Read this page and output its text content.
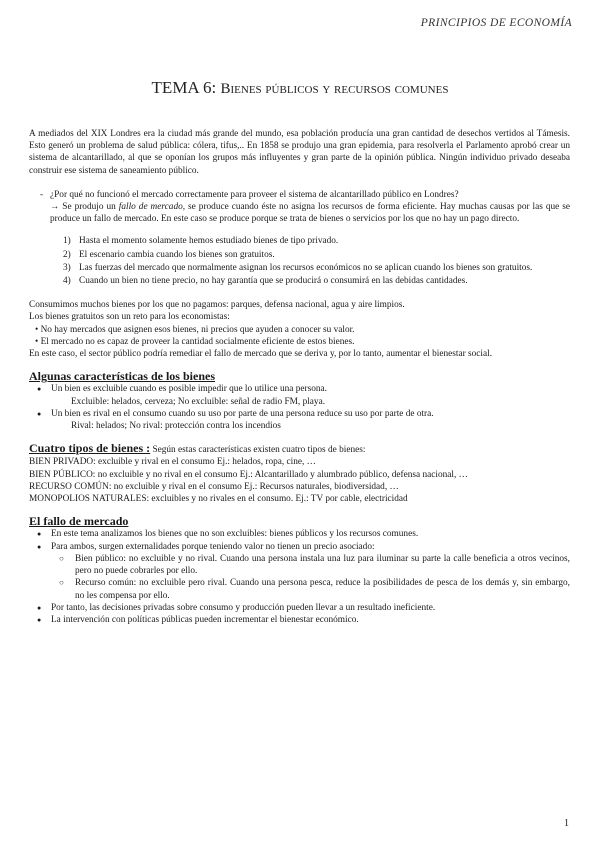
PRINCIPIOS DE ECONOMÍA
TEMA 6: Bienes públicos y recursos comunes

A mediados del XIX Londres era la ciudad más grande del mundo, esa población producía una gran cantidad de desechos vertidos al Támesis. Esto generó un problema de salud pública: cólera, tifus,.. En 1858 se produjo una gran epidemia, para resolverla el Parlamento aprobó crear un sistema de alcantarillado, al que se oponían los grupos más influyentes y gran parte de la opinión pública. Ningún individuo privado deseaba construir ese sistema de saneamiento público.

- ¿Por qué no funcionó el mercado correctamente para proveer el sistema de alcantarillado público en Londres?

→ Se produjo un fallo de mercado, se produce cuando éste no asigna los recursos de forma eficiente. Hay muchas causas por las que se produce un fallo de mercado. En este caso se produce porque se trata de bienes o servicios por los que no hay un pago directo.

1) Hasta el momento solamente hemos estudiado bienes de tipo privado.
2) El escenario cambia cuando los bienes son gratuitos.
3) Las fuerzas del mercado que normalmente asignan los recursos económicos no se aplican cuando los bienes son gratuitos.
4) Cuando un bien no tiene precio, no hay garantía que se producirá o consumirá en las debidas cantidades.

Consumimos muchos bienes por los que no pagamos: parques, defensa nacional, agua y aire limpios.

Los bienes gratuitos son un reto para los economistas:

• No hay mercados que asignen esos bienes, ni precios que ayuden a conocer su valor.

• El mercado no es capaz de proveer la cantidad socialmente eficiente de estos bienes.

En este caso, el sector público podría remediar el fallo de mercado que se deriva y, por lo tanto, aumentar el bienestar social.

Algunas características de los bienes
●	Un bien es excluible cuando es posible impedir que lo utilice una persona.

Excluible: helados, cerveza; No excluible: señal de radio FM, playa.

●	Un bien es rival en el consumo cuando su uso por parte de una persona reduce su uso por parte de otra.

Rival: helados; No rival: protección contra los incendios

Cuatro tipos de bienes : Según estas características existen cuatro tipos de bienes:

BIEN PRIVADO: excluible y rival en el consumo Ej.: helados, ropa, cine, …

BIEN PÚBLICO: no excluible y no rival en el consumo Ej.: Alcantarillado y alumbrado público, defensa nacional, …

RECURSO COMÚN: no excluible y rival en el consumo Ej.: Recursos naturales, biodiversidad, …

MONOPOLIOS NATURALES: excluibles y no rivales en el consumo. Ej.: TV por cable, electricidad

El fallo de mercado
●	En este tema analizamos los bienes que no son excluibles: bienes públicos y los recursos comunes.
●	Para ambos, surgen externalidades porque teniendo valor no tienen un precio asociado:
○	Bien público: no excluible y no rival. Cuando una persona instala una luz para iluminar su parte la calle beneficia a otros vecinos, pero no puede cobrarles por ello.
○	Recurso común: no excluible pero rival. Cuando una persona pesca, reduce la posibilidades de pesca de los demás y, sin embargo, no les compensa por ello.
●	Por tanto, las decisiones privadas sobre consumo y producción pueden llevar a un resultado ineficiente.
●	La intervención con políticas públicas pueden incrementar el bienestar económico.
1
